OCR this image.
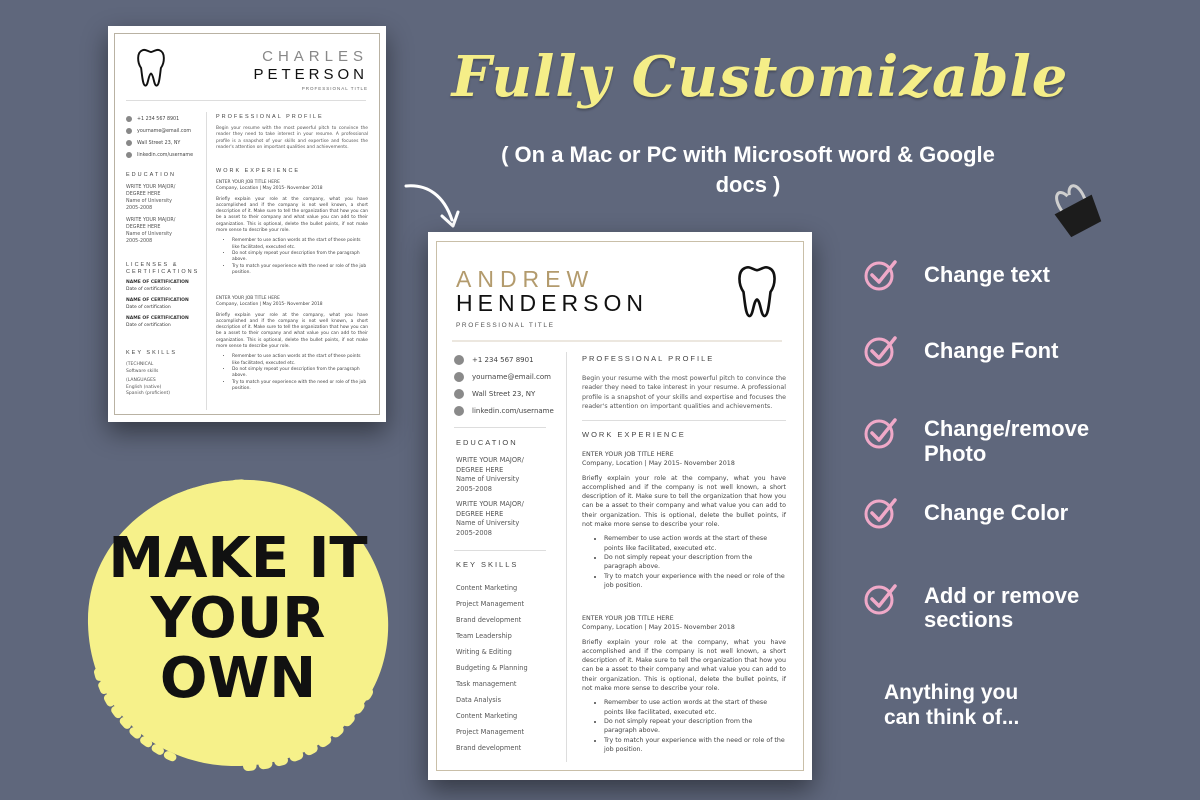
CHARLES
PETERSON
PROFESSIONAL TITLE
+1 234 567 8901
yourname@email.com
Wall Street 23, NY
linkedin.com/username
EDUCATION
WRITE YOUR MAJOR/
DEGREE HERE
Name of University
2005-2008
WRITE YOUR MAJOR/
DEGREE HERE
Name of University
2005-2008
LICENSES & CERTIFICATIONS
NAME OF CERTIFICATION
Date of certification
NAME OF CERTIFICATION
Date of certification
NAME OF CERTIFICATION
Date of certification
KEY SKILLS
(TECHNICAL
Software skills
(LANGUAGES
English (native)
Spanish (proficient)
PROFESSIONAL PROFILE
Begin your resume with the most powerful pitch to convince the reader they need to take interest in your resume. A professional profile is a snapshot of your skills and expertise and focuses the reader's attention on important qualities and achievements.
WORK EXPERIENCE
ENTER YOUR JOB TITLE HERE
Company, Location | May 2015- November 2018
Briefly explain your role at the company, what you have accomplished and if the company is not well known, a short description of it. Make sure to tell the organization that how you can be a asset to their company and what value you can add to their organization. This is optional, delete the bullet points, if not make more sense to describe your role.
• Remember to use action words at the start of these points like facilitated, executed etc.
• Do not simply repeat your description from the paragraph above.
• Try to match your experience with the need or role of the job position.
ENTER YOUR JOB TITLE HERE
Company, Location | May 2015- November 2018
Briefly explain your role at the company, what you have accomplished and if the company is not well known, a short description of it. Make sure to tell the organization that how you can be a asset to their company and what value you can add to their organization. This is optional, delete the bullet points, if not make more sense to describe your role.
• Remember to use action words at the start of these points like facilitated, executed etc.
• Do not simply repeat your description from the paragraph above.
• Try to match your experience with the need or role of the job position.
ANDREW
HENDERSON
PROFESSIONAL TITLE
+1 234 567 8901
yourname@email.com
Wall Street 23, NY
linkedin.com/username
EDUCATION
WRITE YOUR MAJOR/
DEGREE HERE
Name of University
2005-2008
WRITE YOUR MAJOR/
DEGREE HERE
Name of University
2005-2008
KEY SKILLS
Content Marketing
Project Management
Brand development
Team Leadership
Writing & Editing
Budgeting & Planning
Task management
Data Analysis
Content Marketing
Project Management
Brand development
PROFESSIONAL PROFILE
Begin your resume with the most powerful pitch to convince the reader they need to take interest in your resume. A professional profile is a snapshot of your skills and expertise and focuses the reader's attention on important qualities and achievements.
WORK EXPERIENCE
ENTER YOUR JOB TITLE HERE
Company, Location | May 2015- November 2018
Briefly explain your role at the company, what you have accomplished and if the company is not well known, a short description of it. Make sure to tell the organization that how you can be a asset to their company and what value you can add to their organization. This is optional, delete the bullet points, if not make more sense to describe your role.
• Remember to use action words at the start of these points like facilitated, executed etc.
• Do not simply repeat your description from the paragraph above.
• Try to match your experience with the need or role of the job position.
ENTER YOUR JOB TITLE HERE
Company, Location | May 2015- November 2018
Briefly explain your role at the company, what you have accomplished and if the company is not well known, a short description of it. Make sure to tell the organization that how you can be a asset to their company and what value you can add to their organization. This is optional, delete the bullet points, if not make more sense to describe your role.
• Remember to use action words at the start of these points like facilitated, executed etc.
• Do not simply repeat your description from the paragraph above.
• Try to match your experience with the need or role of the job position.
Fully Customizable
( On a Mac or PC with Microsoft word & Google docs )
MAKE IT
YOUR
OWN
Change text
Change Font
Change/remove Photo
Change Color
Add or remove sections
Anything you can think of...
